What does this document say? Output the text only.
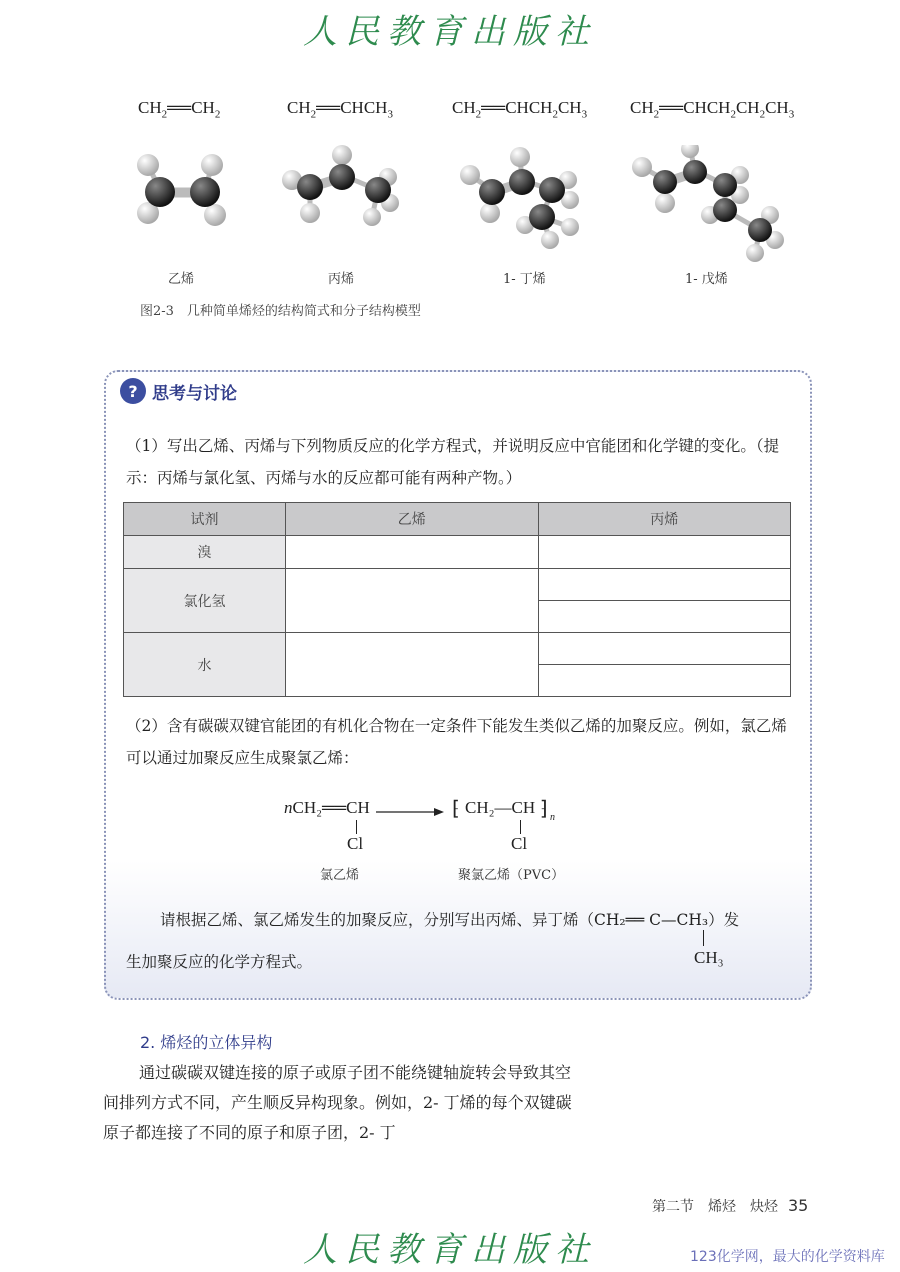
人民教育出版社
$CH_2══CH_2$	$CH_2══CHCH_3$	$CH_2══CHCH_2CH_3$	$CH_2══CHCH_2CH_2CH_3$
乙烯	丙烯	1- 丁烯	1- 戊烯
图2-3　几种简单烯烃的结构简式和分子结构模型
? 思考与讨论
（1）写出乙烯、丙烯与下列物质反应的化学方程式，并说明反应中官能团和化学键的变化。（提示：丙烯与氯化氢、丙烯与水的反应都可能有两种产物。）
试剂	乙烯	丙烯
溴		
氯化氢		

水		

（2）含有碳碳双键官能团的有机化合物在一定条件下能发生类似乙烯的加聚反应。例如，氯乙烯可以通过加聚反应生成聚氯乙烯：
nCH₂══CH	⁅ CH₂—CH ⁆ n
Cl	Cl
氯乙烯	聚氯乙烯（PVC）
请根据乙烯、氯乙烯发生的加聚反应，分别写出丙烯、异丁烯（CH₂══ C—CH₃）发
生加聚反应的化学方程式。	CH₃
2. 烯烃的立体异构
通过碳碳双键连接的原子或原子团不能绕键轴旋转会导致其空间排列方式不同，产生顺反异构现象。例如，2- 丁烯的每个双键碳原子都连接了不同的原子和原子团，2- 丁
第二节　烯烃　炔烃 35
人民教育出版社	123化学网，最大的化学资料库
